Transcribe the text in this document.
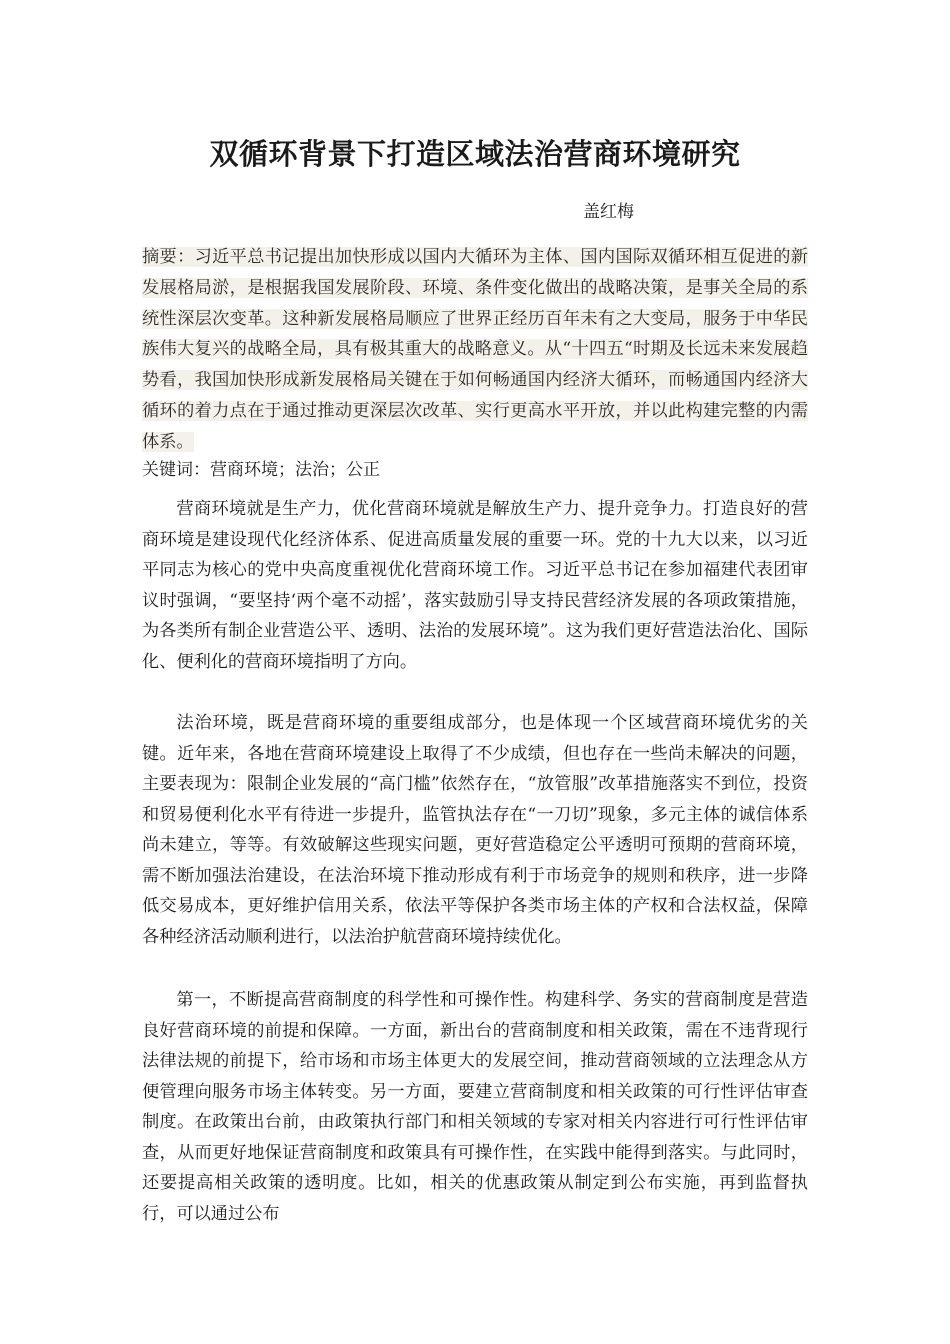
双循环背景下打造区域法治营商环境研究

盖红梅

摘要：习近平总书记提出加快形成以国内大循环为主体、国内国际双循环相互促进的新发展格局淤，是根据我国发展阶段、环境、条件变化做出的战略决策，是事关全局的系统性深层次变革。这种新发展格局顺应了世界正经历百年未有之大变局，服务于中华民族伟大复兴的战略全局，具有极其重大的战略意义。从“十四五“时期及长远未来发展趋势看，我国加快形成新发展格局关键在于如何畅通国内经济大循环，而畅通国内经济大循环的着力点在于通过推动更深层次改革、实行更高水平开放，并以此构建完整的内需体系。

关键词：营商环境；法治；公正

营商环境就是生产力，优化营商环境就是解放生产力、提升竞争力。打造良好的营商环境是建设现代化经济体系、促进高质量发展的重要一环。党的十九大以来，以习近平同志为核心的党中央高度重视优化营商环境工作。习近平总书记在参加福建代表团审议时强调，“要坚持‘两个毫不动摇’，落实鼓励引导支持民营经济发展的各项政策措施，为各类所有制企业营造公平、透明、法治的发展环境”。这为我们更好营造法治化、国际化、便利化的营商环境指明了方向。

法治环境，既是营商环境的重要组成部分，也是体现一个区域营商环境优劣的关键。近年来，各地在营商环境建设上取得了不少成绩，但也存在一些尚未解决的问题，主要表现为：限制企业发展的“高门槛”依然存在，“放管服”改革措施落实不到位，投资和贸易便利化水平有待进一步提升，监管执法存在“一刀切”现象，多元主体的诚信体系尚未建立，等等。有效破解这些现实问题，更好营造稳定公平透明可预期的营商环境，需不断加强法治建设，在法治环境下推动形成有利于市场竞争的规则和秩序，进一步降低交易成本，更好维护信用关系，依法平等保护各类市场主体的产权和合法权益，保障各种经济活动顺利进行，以法治护航营商环境持续优化。

第一，不断提高营商制度的科学性和可操作性。构建科学、务实的营商制度是营造良好营商环境的前提和保障。一方面，新出台的营商制度和相关政策，需在不违背现行法律法规的前提下，给市场和市场主体更大的发展空间，推动营商领域的立法理念从方便管理向服务市场主体转变。另一方面，要建立营商制度和相关政策的可行性评估审查制度。在政策出台前，由政策执行部门和相关领域的专家对相关内容进行可行性评估审查，从而更好地保证营商制度和政策具有可操作性，在实践中能得到落实。与此同时，还要提高相关政策的透明度。比如，相关的优惠政策从制定到公布实施，再到监督执行，可以通过公布
